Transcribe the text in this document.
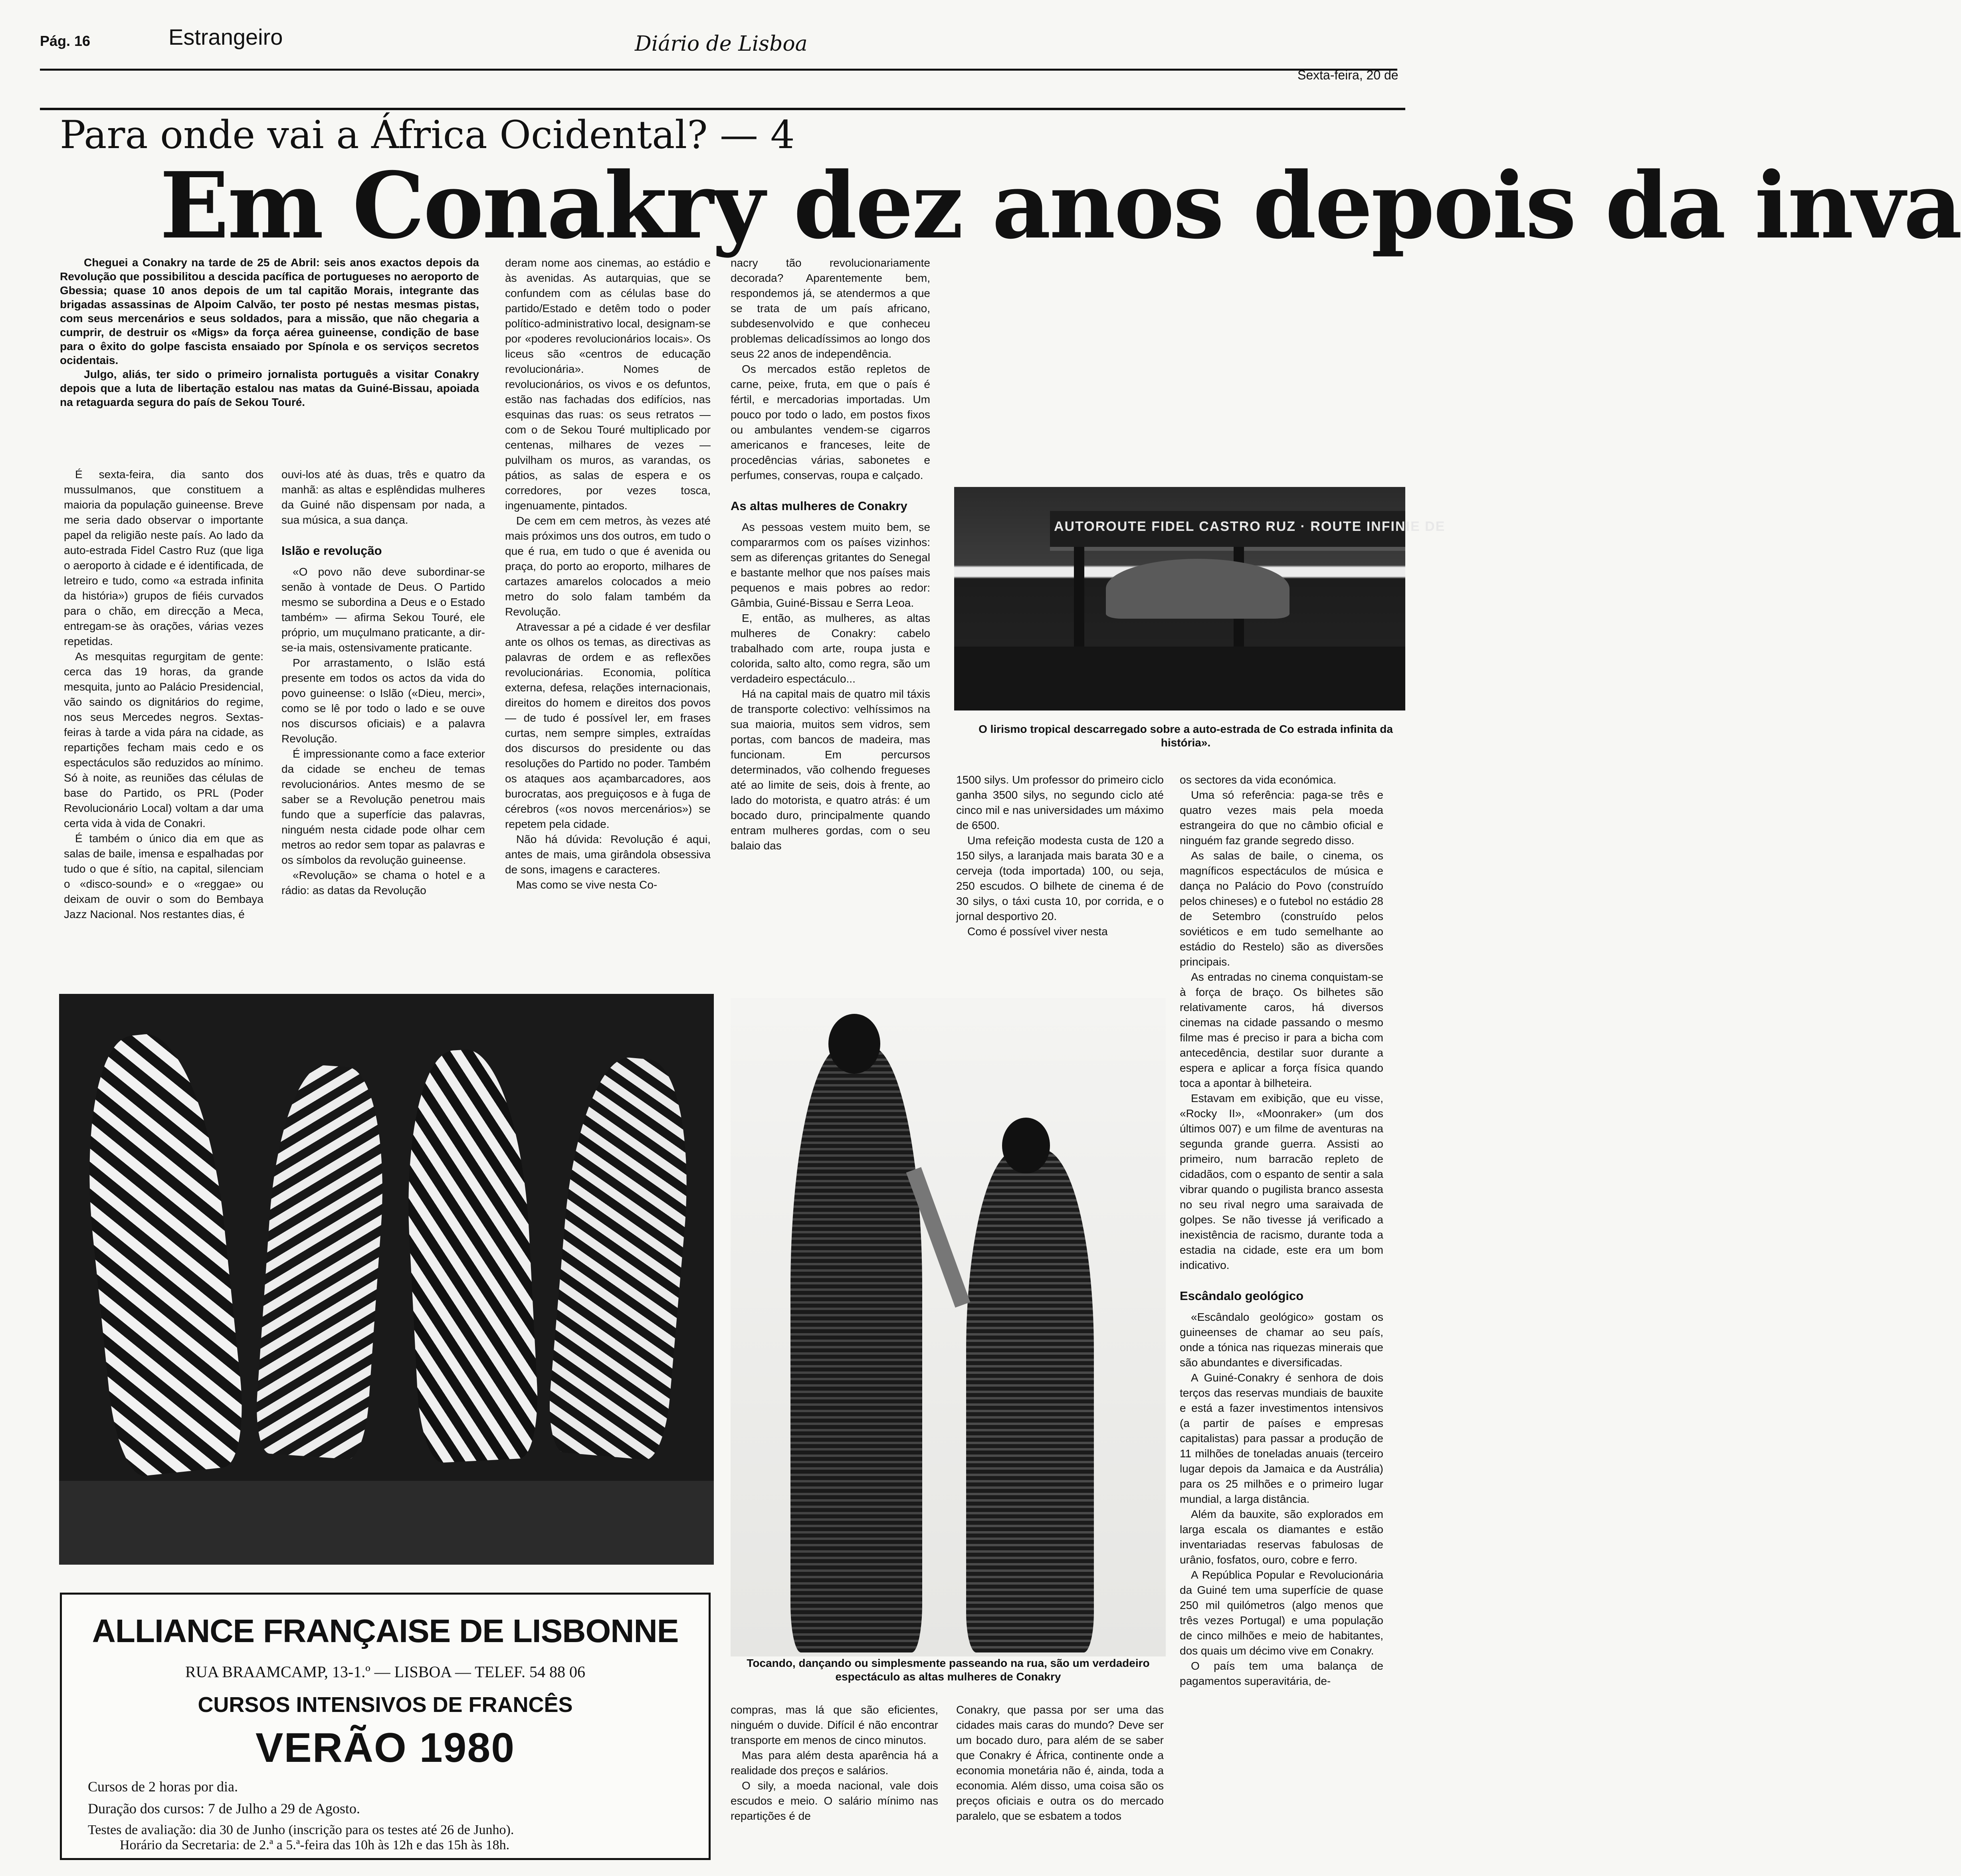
Pág. 16	Estrangeiro	Diário de Lisboa
Sexta-feira, 20 de
Para onde vai a África Ocidental? — 4
Em Conakry dez anos depois da inva

Cheguei a Conakry na tarde de 25 de Abril: seis anos exactos depois da Revolução que possibilitou a descida pacífica de portugueses no aeroporto de Gbessia; quase 10 anos depois de um tal capitão Morais, integrante das brigadas assassinas de Alpoim Calvão, ter posto pé nestas mesmas pistas, com seus mercenários e seus soldados, para a missão, que não chegaria a cumprir, de destruir os «Migs» da força aérea guineense, condição de base para o êxito do golpe fascista ensaiado por Spínola e os serviços secretos ocidentais.

Julgo, aliás, ter sido o primeiro jornalista português a visitar Conakry depois que a luta de libertação estalou nas matas da Guiné-Bissau, apoiada na retaguarda segura do país de Sekou Touré.

É sexta-feira, dia santo dos mussulmanos, que constituem a maioria da população guineense. Breve me seria dado observar o importante papel da religião neste país. Ao lado da auto-estrada Fidel Castro Ruz (que liga o aeroporto à cidade e é identificada, de letreiro e tudo, como «a estrada infinita da história») grupos de fiéis curvados para o chão, em direcção a Meca, entregam-se às orações, várias vezes repetidas.

As mesquitas regurgitam de gente: cerca das 19 horas, da grande mesquita, junto ao Palácio Presidencial, vão saindo os dignitários do regime, nos seus Mercedes negros. Sextas-feiras à tarde a vida pára na cidade, as repartições fecham mais cedo e os espectáculos são reduzidos ao mínimo. Só à noite, as reuniões das células de base do Partido, os PRL (Poder Revolucionário Local) voltam a dar uma certa vida à vida de Conakri.

É também o único dia em que as salas de baile, imensa e espalhadas por tudo o que é sítio, na capital, silenciam o «disco-sound» e o «reggae» ou deixam de ouvir o som do Bembaya Jazz Nacional. Nos restantes dias, é

ouvi-los até às duas, três e quatro da manhã: as altas e esplêndidas mulheres da Guiné não dispensam por nada, a sua música, a sua dança.

Islão e revolução

«O povo não deve subordinar-se senão à vontade de Deus. O Partido mesmo se subordina a Deus e o Estado também» — afirma Sekou Touré, ele próprio, um muçulmano praticante, a dir-se-ia mais, ostensivamente praticante.

Por arrastamento, o Islão está presente em todos os actos da vida do povo guineense: o Islão («Dieu, merci», como se lê por todo o lado e se ouve nos discursos oficiais) e a palavra Revolução.

É impressionante como a face exterior da cidade se encheu de temas revolucionários. Antes mesmo de se saber se a Revolução penetrou mais fundo que a superfície das palavras, ninguém nesta cidade pode olhar cem metros ao redor sem topar as palavras e os símbolos da revolução guineense.

«Revolução» se chama o hotel e a rádio: as datas da Revolução

deram nome aos cinemas, ao estádio e às avenidas. As autarquias, que se confundem com as células base do partido/Estado e detêm todo o poder político-administrativo local, designam-se por «poderes revolucionários locais». Os liceus são «centros de educação revolucionária». Nomes de revolucionários, os vivos e os defuntos, estão nas fachadas dos edifícios, nas esquinas das ruas: os seus retratos — com o de Sekou Touré multiplicado por centenas, milhares de vezes — pulvilham os muros, as varandas, os pátios, as salas de espera e os corredores, por vezes tosca, ingenuamente, pintados.

De cem em cem metros, às vezes até mais próximos uns dos outros, em tudo o que é rua, em tudo o que é avenida ou praça, do porto ao eroporto, milhares de cartazes amarelos colocados a meio metro do solo falam também da Revolução.

Atravessar a pé a cidade é ver desfilar ante os olhos os temas, as directivas as palavras de ordem e as reflexões revolucionárias. Economia, política externa, defesa, relações internacionais, direitos do homem e direitos dos povos — de tudo é possível ler, em frases curtas, nem sempre simples, extraídas dos discursos do presidente ou das resoluções do Partido no poder. Também os ataques aos açambarcadores, aos burocratas, aos preguiçosos e à fuga de cérebros («os novos mercenários») se repetem pela cidade.

Não há dúvida: Revolução é aqui, antes de mais, uma girândola obsessiva de sons, imagens e caracteres.

Mas como se vive nesta Co-

nacry tão revolucionariamente decorada? Aparentemente bem, respondemos já, se atendermos a que se trata de um país africano, subdesenvolvido e que conheceu problemas delicadíssimos ao longo dos seus 22 anos de independência.

Os mercados estão repletos de carne, peixe, fruta, em que o país é fértil, e mercadorias importadas. Um pouco por todo o lado, em postos fixos ou ambulantes vendem-se cigarros americanos e franceses, leite de procedências várias, sabonetes e perfumes, conservas, roupa e calçado.

As altas mulheres de Conakry

As pessoas vestem muito bem, se compararmos com os países vizinhos: sem as diferenças gritantes do Senegal e bastante melhor que nos países mais pequenos e mais pobres ao redor: Gâmbia, Guiné-Bissau e Serra Leoa.

E, então, as mulheres, as altas mulheres de Conakry: cabelo trabalhado com arte, roupa justa e colorida, salto alto, como regra, são um verdadeiro espectáculo...

Há na capital mais de quatro mil táxis de transporte colectivo: velhíssimos na sua maioria, muitos sem vidros, sem portas, com bancos de madeira, mas funcionam. Em percursos determinados, vão colhendo fregueses até ao limite de seis, dois à frente, ao lado do motorista, e quatro atrás: é um bocado duro, principalmente quando entram mulheres gordas, com o seu balaio das

AUTOROUTE FIDEL CASTRO RUZ · ROUTE INFINIE DE
O lirismo tropical descarregado sobre a auto-estrada de Co estrada infinita da história».

1500 silys. Um professor do primeiro ciclo ganha 3500 silys, no segundo ciclo até cinco mil e nas universidades um máximo de 6500.

Uma refeição modesta custa de 120 a 150 silys, a laranjada mais barata 30 e a cerveja (toda importada) 100, ou seja, 250 escudos. O bilhete de cinema é de 30 silys, o táxi custa 10, por corrida, e o jornal desportivo 20.

Como é possível viver nesta

os sectores da vida económica.

Uma só referência: paga-se três e quatro vezes mais pela moeda estrangeira do que no câmbio oficial e ninguém faz grande segredo disso.

As salas de baile, o cinema, os magníficos espectáculos de música e dança no Palácio do Povo (construído pelos chineses) e o futebol no estádio 28 de Setembro (construído pelos soviéticos e em tudo semelhante ao estádio do Restelo) são as diversões principais.

As entradas no cinema conquistam-se à força de braço. Os bilhetes são relativamente caros, há diversos cinemas na cidade passando o mesmo filme mas é preciso ir para a bicha com antecedência, destilar suor durante a espera e aplicar a força física quando toca a apontar à bilheteira.

Estavam em exibição, que eu visse, «Rocky II», «Moonraker» (um dos últimos 007) e um filme de aventuras na segunda grande guerra. Assisti ao primeiro, num barracão repleto de cidadãos, com o espanto de sentir a sala vibrar quando o pugilista branco assesta no seu rival negro uma saraivada de golpes. Se não tivesse já verificado a inexistência de racismo, durante toda a estadia na cidade, este era um bom indicativo.

Escândalo geológico

«Escândalo geológico» gostam os guineenses de chamar ao seu país, onde a tónica nas riquezas minerais que são abundantes e diversificadas.

A Guiné-Conakry é senhora de dois terços das reservas mundiais de bauxite e está a fazer investimentos intensivos (a partir de países e empresas capitalistas) para passar a produção de 11 milhões de toneladas anuais (terceiro lugar depois da Jamaica e da Austrália) para os 25 milhões e o primeiro lugar mundial, a larga distância.

Além da bauxite, são explorados em larga escala os diamantes e estão inventariadas reservas fabulosas de urânio, fosfatos, ouro, cobre e ferro.

A República Popular e Revolucionária da Guiné tem uma superfície de quase 250 mil quilómetros (algo menos que três vezes Portugal) e uma população de cinco milhões e meio de habitantes, dos quais um décimo vive em Conakry.

O país tem uma balança de pagamentos superavitária, de-

Tocando, dançando ou simplesmente passeando na rua, são um verdadeiro espectáculo as altas mulheres de Conakry
ALLIANCE FRANÇAISE DE LISBONNE
RUA BRAAMCAMP, 13-1.º — LISBOA — TELEF. 54 88 06
CURSOS INTENSIVOS DE FRANCÊS
VERÃO 1980
Cursos de 2 horas por dia.
Duração dos cursos: 7 de Julho a 29 de Agosto.
Testes de avaliação: dia 30 de Junho (inscrição para os testes até 26 de Junho).
Horário da Secretaria: de 2.ª a 5.ª-feira das 10h às 12h e das 15h às 18h.

compras, mas lá que são eficientes, ninguém o duvide. Difícil é não encontrar transporte em menos de cinco minutos.

Mas para além desta aparência há a realidade dos preços e salários.

O sily, a moeda nacional, vale dois escudos e meio. O salário mínimo nas repartições é de

Conakry, que passa por ser uma das cidades mais caras do mundo? Deve ser um bocado duro, para além de se saber que Conakry é África, continente onde a economia monetária não é, ainda, toda a economia. Além disso, uma coisa são os preços oficiais e outra os do mercado paralelo, que se esbatem a todos
